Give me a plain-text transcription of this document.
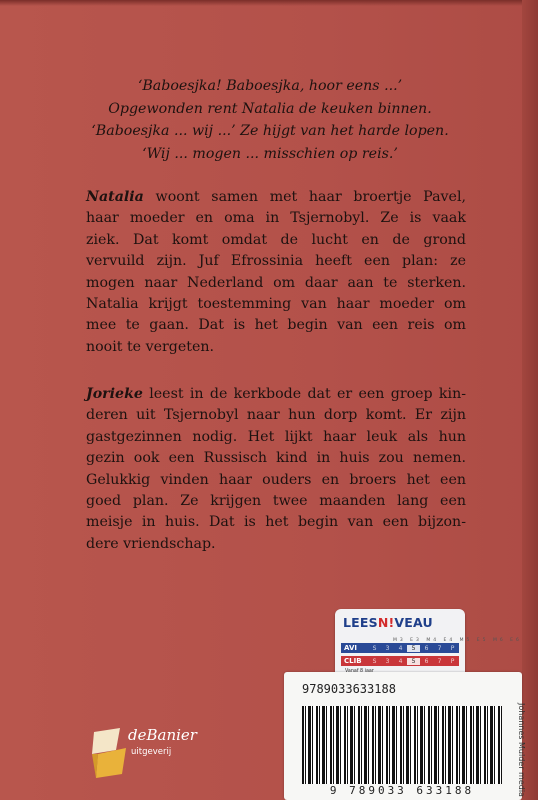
‘Baboesjka! Baboesjka, hoor eens ...’
Opgewonden rent Natalia de keuken binnen.
‘Baboesjka ... wij ...’ Ze hijgt van het harde lopen.
‘Wij ... mogen ... misschien op reis.’
Natalia woont samen met haar broertje Pavel,
haar moeder en oma in Tsjernobyl. Ze is vaak
ziek. Dat komt omdat de lucht en de grond
vervuild zijn. Juf Efrossinia heeft een plan: ze
mogen naar Nederland om daar aan te sterken.
Natalia krijgt toestemming van haar moeder om
mee te gaan. Dat is het begin van een reis om
nooit te vergeten.
Jorieke leest in de kerkbode dat er een groep kin-
deren uit Tsjernobyl naar hun dorp komt. Er zijn
gastgezinnen nodig. Het lijkt haar leuk als hun
gezin ook een Russisch kind in huis zou nemen.
Gelukkig vinden haar ouders en broers het een
goed plan. Ze krijgen twee maanden lang een
meisje in huis. Dat is het begin van een bijzon-
dere vriendschap.
LEESN!VEAU
M3 E3 M4 E4 M5 E5 M6 E6
AVI	S	3	4	5	6	7	P
CLIB	S	3	4	5	6	7	P
9789033633188
9 789033 633188	Johannes Mulder media
deBanier
uitgeverij
